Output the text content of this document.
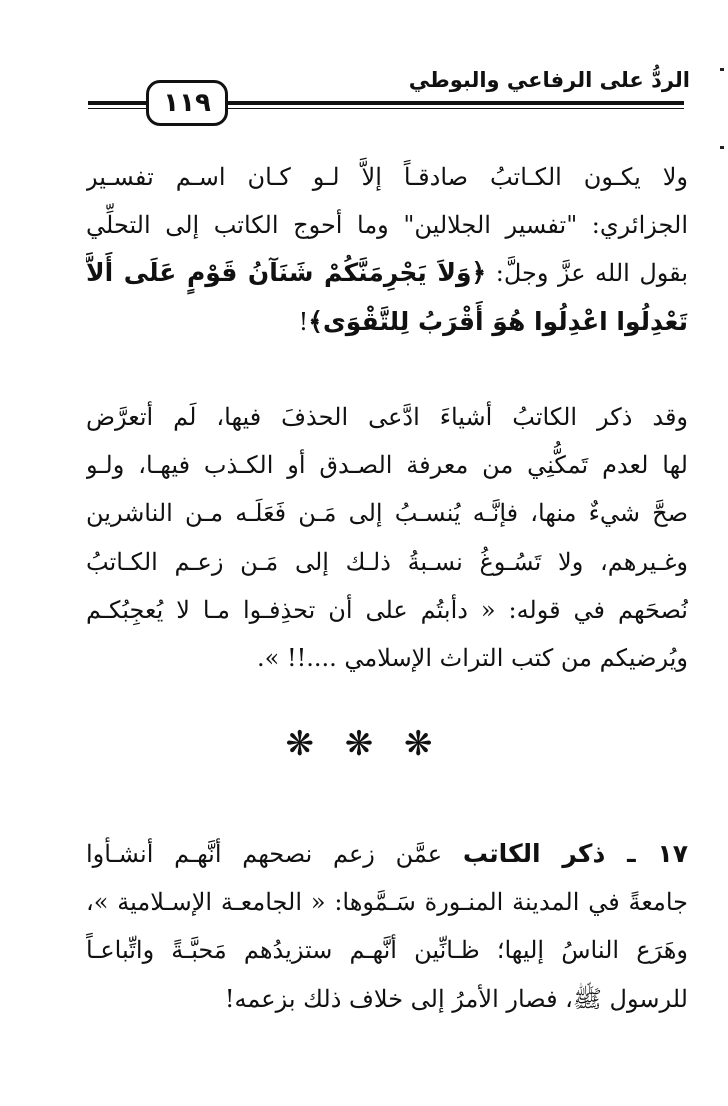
الردُّ على الرفاعي والبوطي
١١٩
ولا يكـون الكـاتبُ صادقـاً إلاَّ لـو كـان اسـم تفسـير
الجزائري: "تفسير الجلالين" وما أحوج الكاتب إلى التحلِّي
بقول الله عزَّ وجلَّ: ﴿وَلاَ يَجْرِمَنَّكُمْ شَنَآنُ قَوْمٍ عَلَى أَلاَّ
تَعْدِلُوا اعْدِلُوا هُوَ أَقْرَبُ لِلتَّقْوَى﴾!
وقد ذكر الكاتبُ أشياءَ ادَّعى الحذفَ فيها، لَم أتعرَّض
لها لعدم تَمكُّنِي من معرفة الصـدق أو الكـذب فيهـا، ولـو
صحَّ شيءٌ منها، فإنَّـه يُنسـبُ إلى مَـن فَعَلَـه مـن الناشرين
وغـيرهم، ولا تَسُـوغُ نسـبةُ ذلـك إلى مَـن زعـم الكـاتبُ
نُصحَهم في قوله: « دأبتُم على أن تحذِفـوا مـا لا يُعجِبُكـم
ويُرضيكم من كتب التراث الإسلامي ....!! ».
❋ ❋ ❋
١٧ ـ ذكر الكاتب عمَّن زعم نصحهم أنَّهـم أنشـأوا
جامعةً في المدينة المنـورة سَـمَّوها: « الجامعـة الإسـلامية »،
وهَرَع الناسُ إليها؛ ظـانِّين أنَّهـم ستزيدُهم مَحبَّـةً واتِّباعـاً
للرسول ﷺ، فصار الأمرُ إلى خلاف ذلك بزعمه!
